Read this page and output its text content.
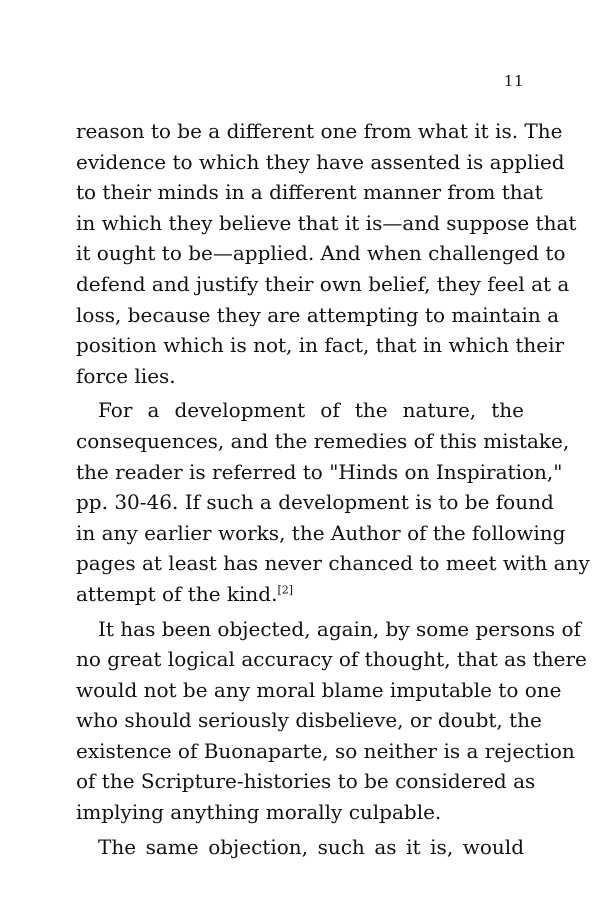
11

reason to be a different one from what it is. The
evidence to which they have assented is applied
to their minds in a different manner from that
in which they believe that it is—and suppose that
it ought to be—applied. And when challenged to
defend and justify their own belief, they feel at a
loss, because they are attempting to maintain a
position which is not, in fact, that in which their
force lies.

For a development of the nature, the
consequences, and the remedies of this mistake,
the reader is referred to "Hinds on Inspiration,"
pp. 30-46. If such a development is to be found
in any earlier works, the Author of the following
pages at least has never chanced to meet with any
attempt of the kind.[2]

It has been objected, again, by some persons of
no great logical accuracy of thought, that as there
would not be any moral blame imputable to one
who should seriously disbelieve, or doubt, the
existence of Buonaparte, so neither is a rejection
of the Scripture-histories to be considered as
implying anything morally culpable.

The same objection, such as it is, would
